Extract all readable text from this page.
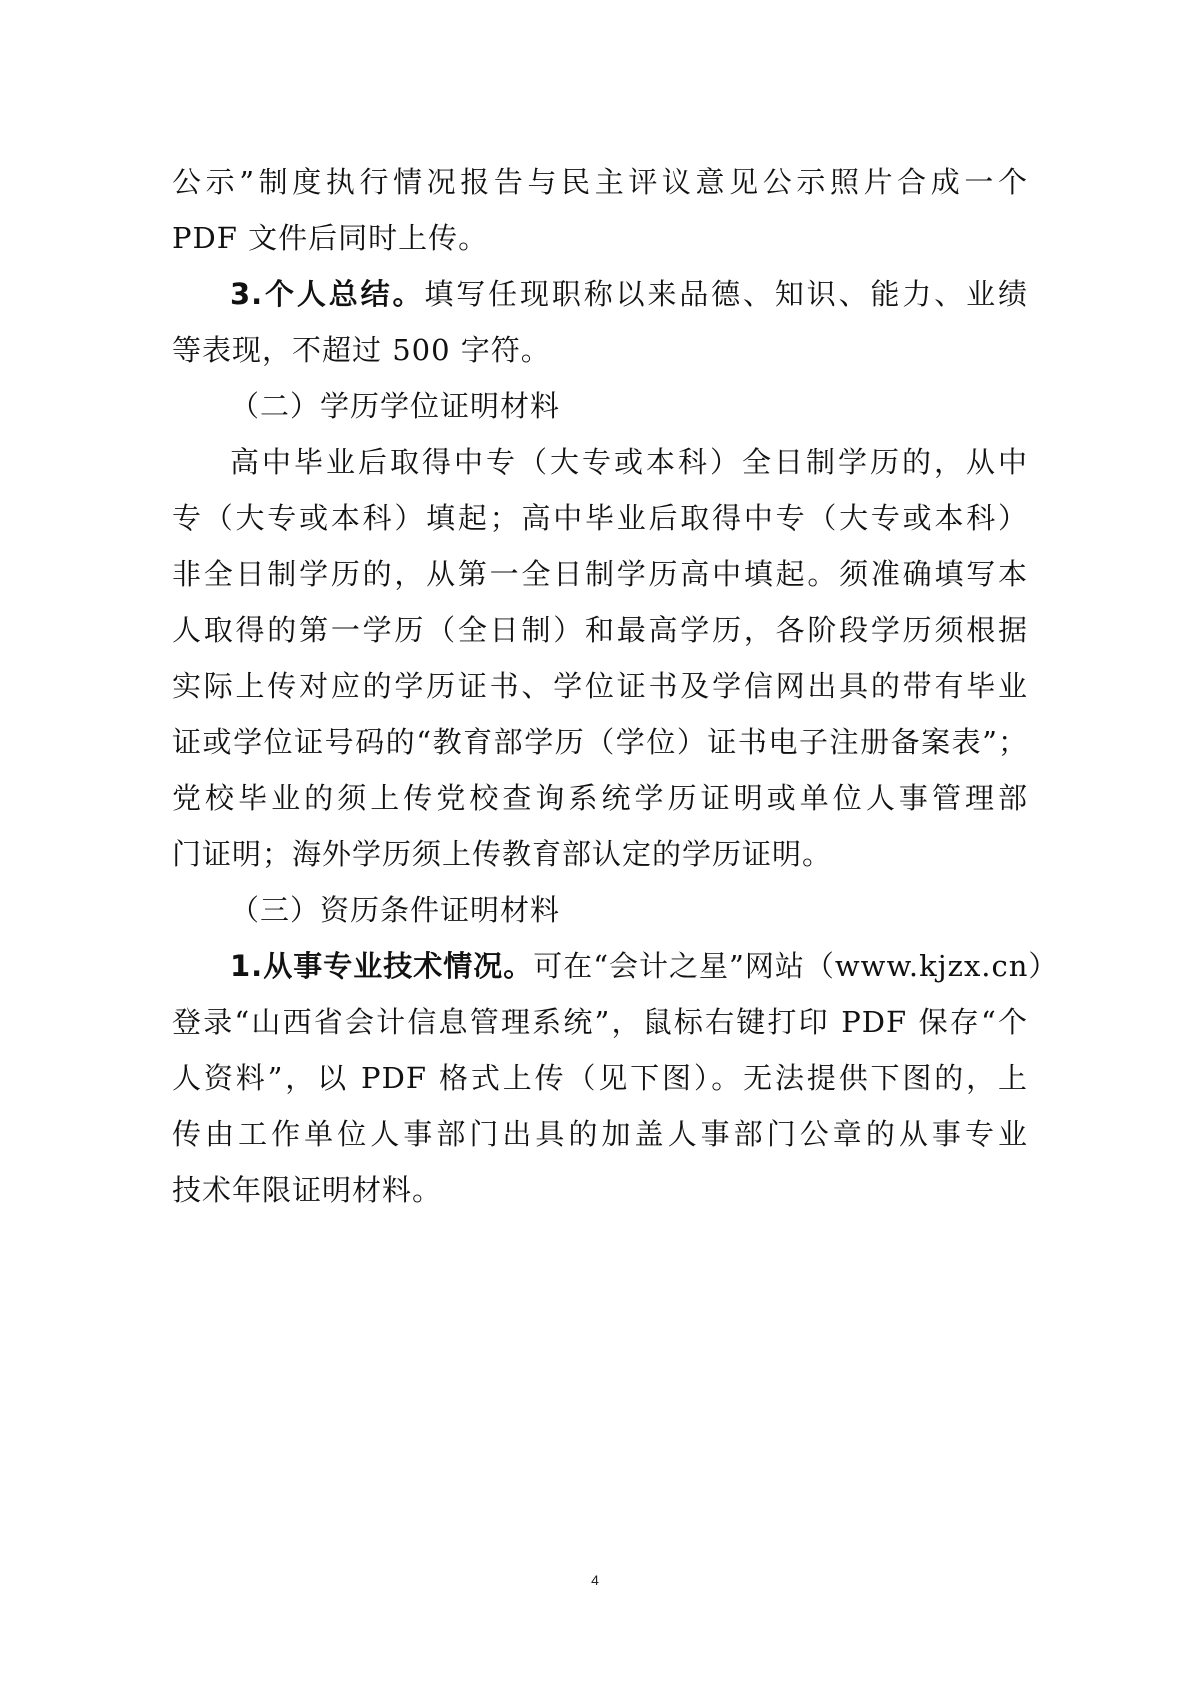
公示”制度执行情况报告与民主评议意见公示照片合成一个
PDF 文件后同时上传。
3.个人总结。填写任现职称以来品德、知识、能力、业绩
等表现，不超过 500 字符。
（二）学历学位证明材料
高中毕业后取得中专（大专或本科）全日制学历的，从中
专（大专或本科）填起；高中毕业后取得中专（大专或本科）
非全日制学历的，从第一全日制学历高中填起。须准确填写本
人取得的第一学历（全日制）和最高学历，各阶段学历须根据
实际上传对应的学历证书、学位证书及学信网出具的带有毕业
证或学位证号码的“教育部学历（学位）证书电子注册备案表”；
党校毕业的须上传党校查询系统学历证明或单位人事管理部
门证明；海外学历须上传教育部认定的学历证明。
（三）资历条件证明材料
1.从事专业技术情况。可在“会计之星”网站（www.kjzx.cn）
登录“山西省会计信息管理系统”，鼠标右键打印 PDF 保存“个
人资料”，以 PDF 格式上传（见下图）。无法提供下图的，上
传由工作单位人事部门出具的加盖人事部门公章的从事专业
技术年限证明材料。
4
